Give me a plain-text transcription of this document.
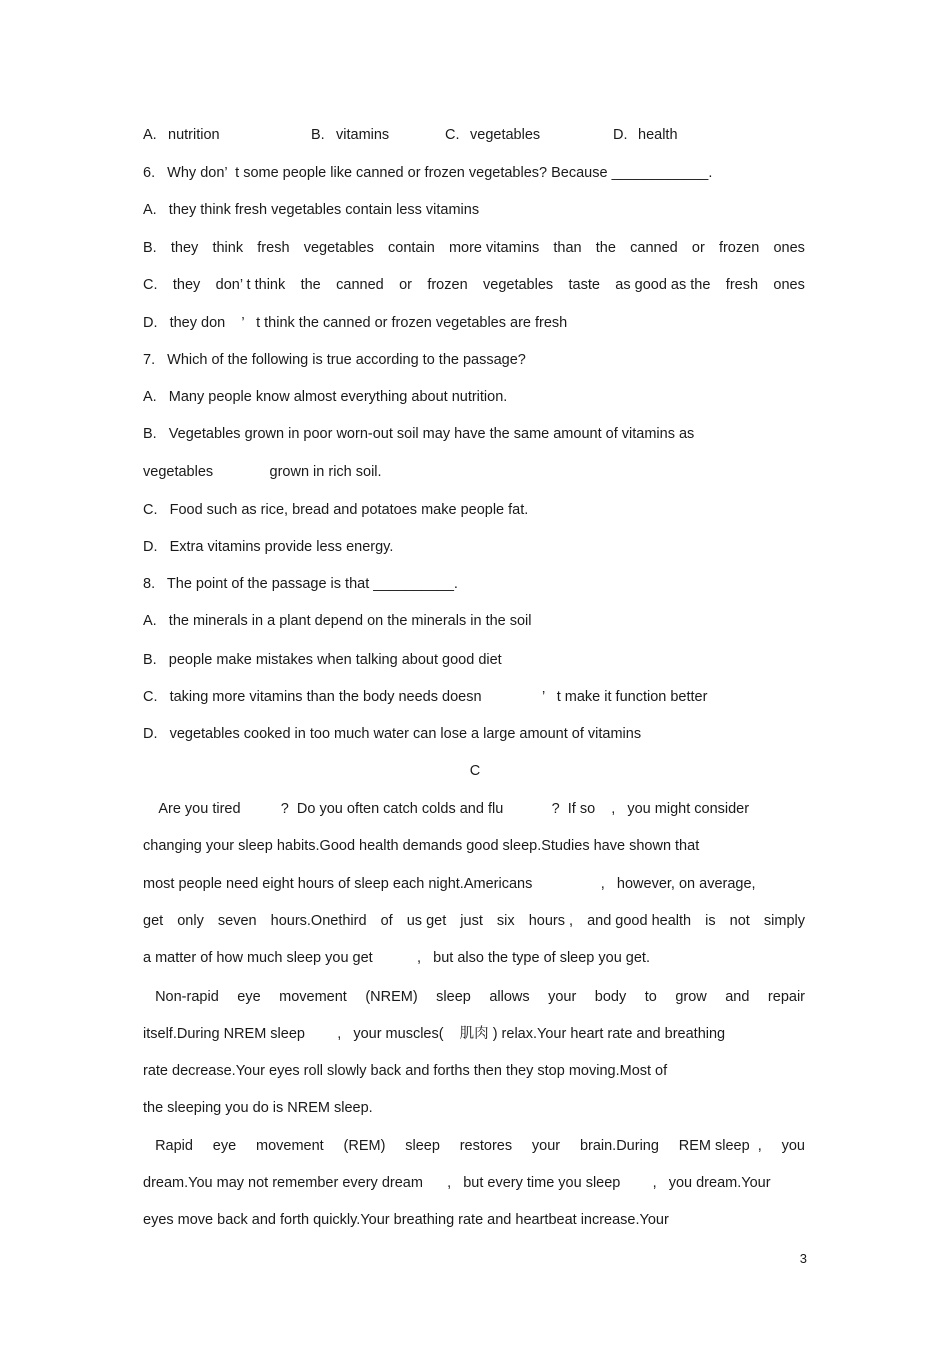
A. nutrition	B. vitamins	C. vegetables	D. health
6.   Why don’  t some people like canned or frozen vegetables? Because ____________.
A.   they think fresh vegetables contain less vitamins
B. they think fresh vegetables contain more vitamins than the canned or frozen ones
C. they don’ t think the canned or frozen vegetables taste as good as the fresh ones
D.   they don    ’   t think the canned or frozen vegetables are fresh
7.   Which of the following is true according to the passage?
A.   Many people know almost everything about nutrition.
B.   Vegetables grown in poor worn-out soil may have the same amount of vitamins as
vegetables              grown in rich soil.
C.   Food such as rice, bread and potatoes make people fat.
D.   Extra vitamins provide less energy.
8.   The point of the passage is that __________.
A.   the minerals in a plant depend on the minerals in the soil
B.   people make mistakes when talking about good diet
C.   taking more vitamins than the body needs doesn               ’   t make it function better
D.   vegetables cooked in too much water can lose a large amount of vitamins
C
Are you tired          ?  Do you often catch colds and flu            ?  If so    ,   you might consider
changing your sleep habits.Good health demands good sleep.Studies have shown that
most people need eight hours of sleep each night.Americans                 ,   however, on average,
get only seven hours.Onethird of us get just six hours , and good health is not simply
a matter of how much sleep you get           ,   but also the type of sleep you get.
Non-rapid eye movement (NREM) sleep allows your body to grow and repair
itself.During NREM sleep        ,   your muscles(    肌肉 ) relax.Your heart rate and breathing
rate decrease.Your eyes roll slowly back and forths then they stop moving.Most of
the sleeping you do is NREM sleep.
Rapid eye movement (REM) sleep restores your brain.During REM sleep  , you
dream.You may not remember every dream      ,   but every time you sleep        ,   you dream.Your
eyes move back and forth quickly.Your breathing rate and heartbeat increase.Your
3
